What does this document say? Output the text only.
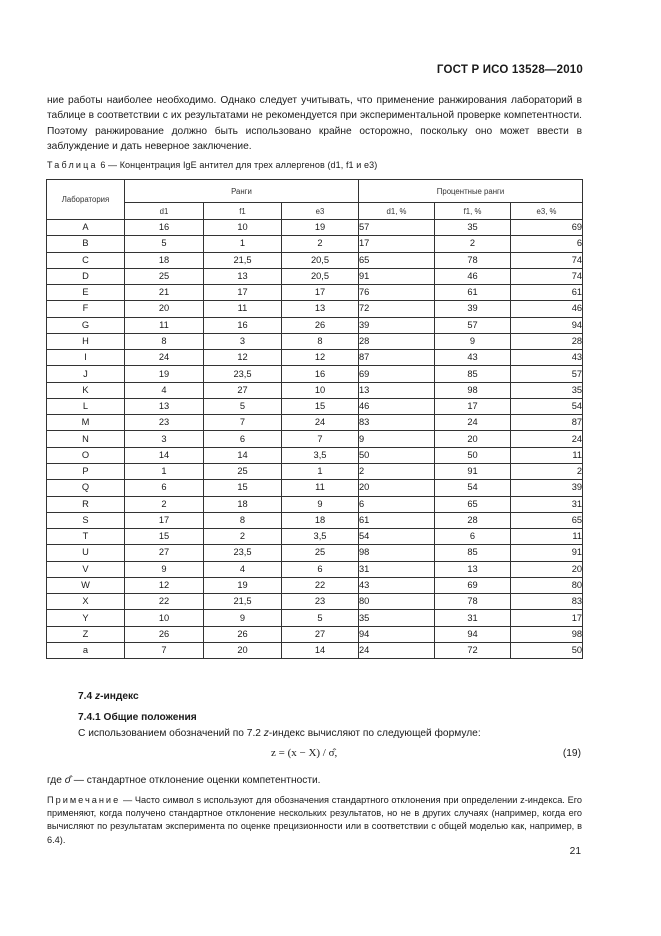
ГОСТ Р ИСО 13528—2010
ние работы наиболее необходимо. Однако следует учитывать, что применение ранжирования лабораторий в таблице в соответствии с их результатами не рекомендуется при экспериментальной проверке компетентности. Поэтому ранжирование должно быть использовано крайне осторожно, поскольку оно может ввести в заблуждение и дать неверное заключение.
Таблица 6 — Концентрация IgE антител для трех аллергенов (d1, f1 и e3)
Лаборатория	Ранги			Процентные ранги		
	d1	f1	e3	d1, %	f1, %	e3, %
A	16	10	19	57	35	69
B	5	1	2	17	2	6
C	18	21,5	20,5	65	78	74
D	25	13	20,5	91	46	74
E	21	17	17	76	61	61
F	20	11	13	72	39	46
G	11	16	26	39	57	94
H	8	3	8	28	9	28
I	24	12	12	87	43	43
J	19	23,5	16	69	85	57
K	4	27	10	13	98	35
L	13	5	15	46	17	54
M	23	7	24	83	24	87
N	3	6	7	9	20	24
O	14	14	3,5	50	50	11
P	1	25	1	2	91	2
Q	6	15	11	20	54	39
R	2	18	9	6	65	31
S	17	8	18	61	28	65
T	15	2	3,5	54	6	11
U	27	23,5	25	98	85	91
V	9	4	6	31	13	20
W	12	19	22	43	69	80
X	22	21,5	23	80	78	83
Y	10	9	5	35	31	17
Z	26	26	27	94	94	98
a	7	20	14	24	72	50
7.4 z-индекс
7.4.1 Общие положения
С использованием обозначений по 7.2 z-индекс вычисляют по следующей формуле:
z = (x − X) / σ̂,	(19)
где σ̂ — стандартное отклонение оценки компетентности.
Примечание — Часто символ s используют для обозначения стандартного отклонения при определении z-индекса. Его применяют, когда получено стандартное отклонение нескольких результатов, но не в других случаях (например, когда его вычисляют по результатам эксперимента по оценке прецизионности или в соответствии с общей моделью как, например, в 6.4).
21
